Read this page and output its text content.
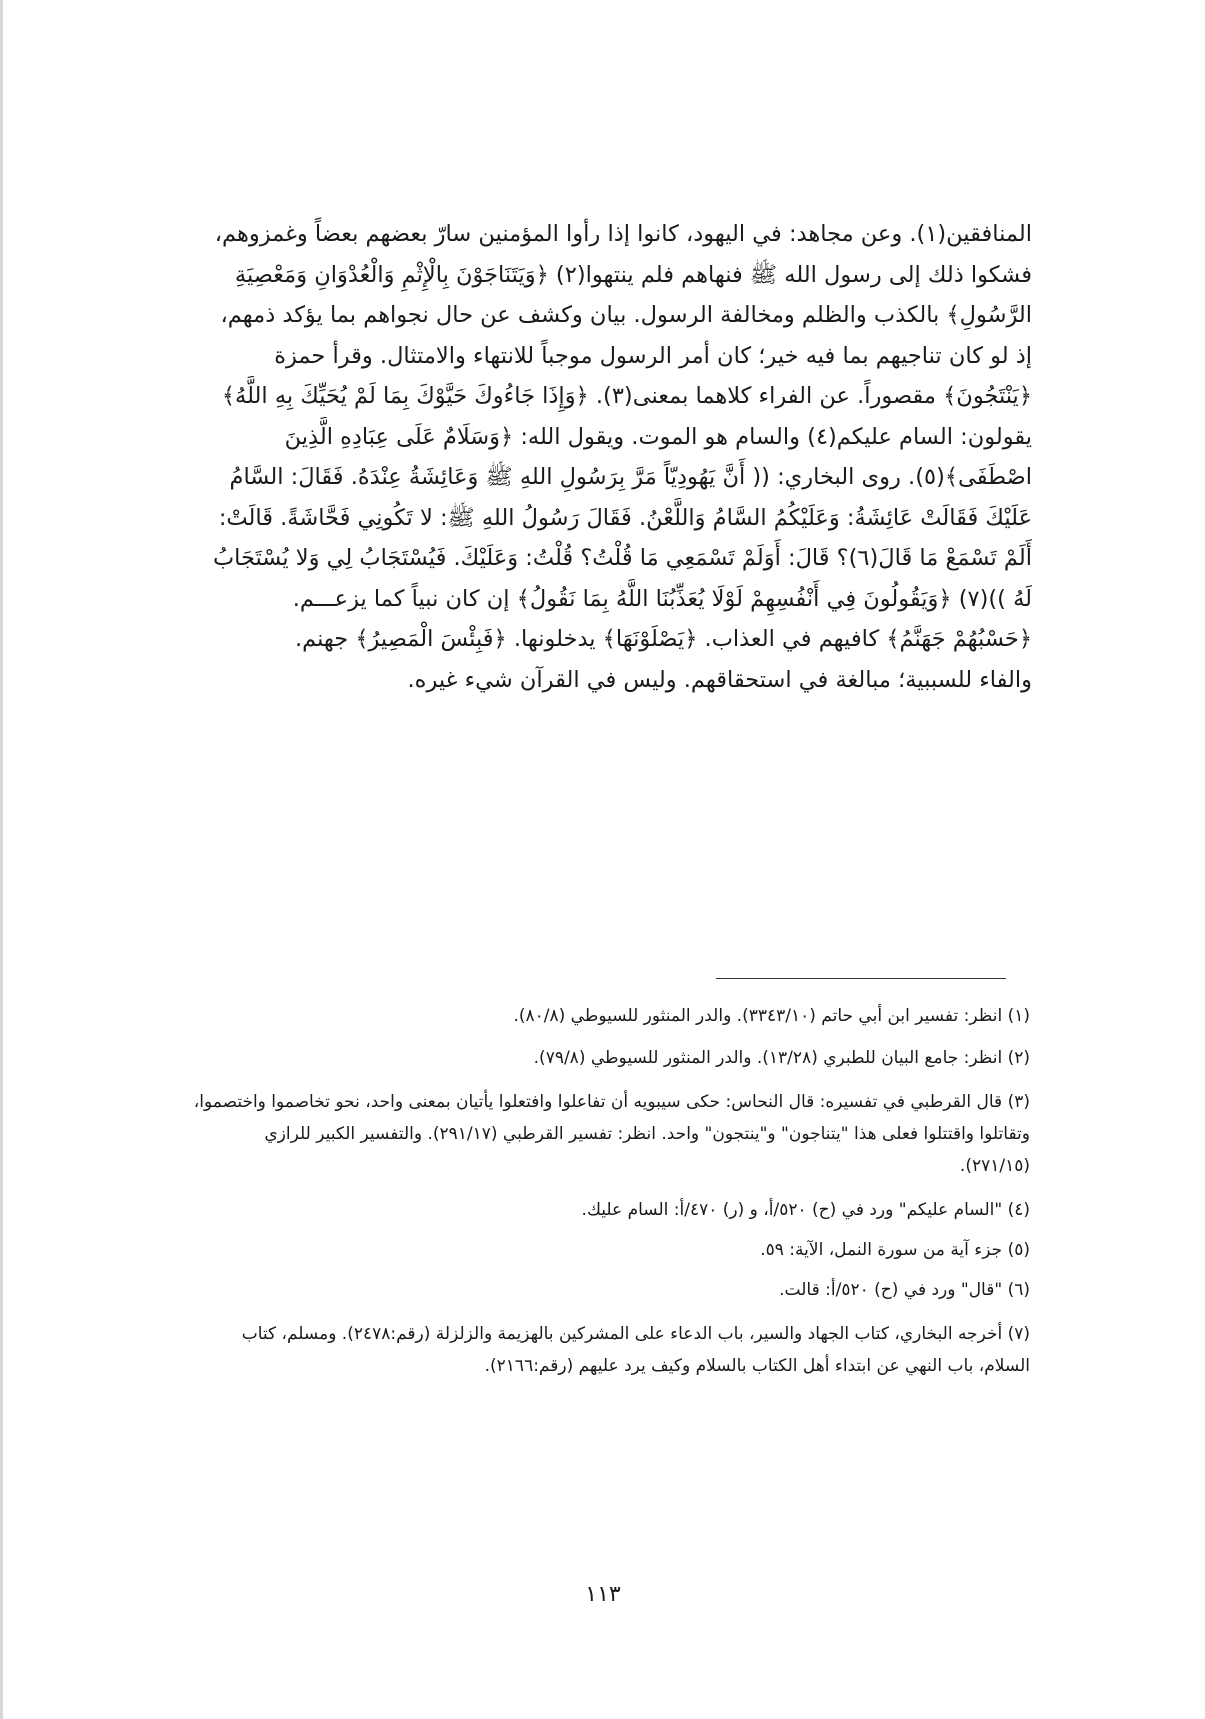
المنافقين(١). وعن مجاهد: في اليهود، كانوا إذا رأوا المؤمنين سارّ بعضهم بعضاً وغمزوهم،
فشكوا ذلك إلى رسول الله ﷺ فنهاهم فلم ينتهوا(٢) ﴿وَيَتَنَاجَوْنَ بِالْإِثْمِ وَالْعُدْوَانِ وَمَعْصِيَةِ
الرَّسُولِ﴾ بالكذب والظلم ومخالفة الرسول. بيان وكشف عن حال نجواهم بما يؤكد ذمهم،
إذ لو كان تناجيهم بما فيه خير؛ كان أمر الرسول موجباً للانتهاء والامتثال. وقرأ حمزة
﴿يَنْتَجُونَ﴾ مقصوراً. عن الفراء كلاهما بمعنى(٣). ﴿وَإِذَا جَاءُوكَ حَيَّوْكَ بِمَا لَمْ يُحَيِّكَ بِهِ اللَّهُ﴾
يقولون: السام عليكم(٤) والسام هو الموت. ويقول الله: ﴿وَسَلَامٌ عَلَى عِبَادِهِ الَّذِينَ
اصْطَفَى﴾(٥). روى البخاري: (( أَنَّ يَهُودِيّاً مَرَّ بِرَسُولِ اللهِ ﷺ وَعَائِشَةُ عِنْدَهُ. فَقَالَ: السَّامُ
عَلَيْكَ فَقَالَتْ عَائِشَةُ: وَعَلَيْكُمُ السَّامُ وَاللَّعْنُ. فَقَالَ رَسُولُ اللهِ ﷺ: لا تَكُونِي فَحَّاشَةً. قَالَتْ:
أَلَمْ تَسْمَعْ مَا قَالَ(٦)؟ قَالَ: أَوَلَمْ تَسْمَعِي مَا قُلْتُ؟ قُلْتُ: وَعَلَيْكَ. فَيُسْتَجَابُ لِي وَلا يُسْتَجَابُ
لَهُ ))(٧) ﴿وَيَقُولُونَ فِي أَنْفُسِهِمْ لَوْلَا يُعَذِّبُنَا اللَّهُ بِمَا نَقُولُ﴾ إن كان نبياً كما يزعـــم.
﴿حَسْبُهُمْ جَهَنَّمُ﴾ كافيهم في العذاب. ﴿يَصْلَوْنَهَا﴾ يدخلونها. ﴿فَبِئْسَ الْمَصِيرُ﴾ جهنم.
والفاء للسببية؛ مبالغة في استحقاقهم. وليس في القرآن شيء غيره.
(١) انظر: تفسير ابن أبي حاتم (٣٣٤٣/١٠). والدر المنثور للسيوطي (٨٠/٨).
(٢) انظر: جامع البيان للطبري (١٣/٢٨). والدر المنثور للسيوطي (٧٩/٨).
(٣) قال القرطبي في تفسيره: قال النحاس: حكى سيبويه أن تفاعلوا وافتعلوا يأتيان بمعنى واحد، نحو تخاصموا واختصموا،
وتقاتلوا واقتتلوا فعلى هذا "يتناجون" و"ينتجون" واحد. انظر: تفسير القرطبي (٢٩١/١٧). والتفسير الكبير للرازي
(٢٧١/١٥).
(٤) "السام عليكم" ورد في (ح) ٥٢٠/أ، و (ر) ٤٧٠/أ: السام عليك.
(٥) جزء آية من سورة النمل، الآية: ٥٩.
(٦) "قال" ورد في (ح) ٥٢٠/أ: قالت.
(٧) أخرجه البخاري، كتاب الجهاد والسير، باب الدعاء على المشركين بالهزيمة والزلزلة (رقم:٢٤٧٨). ومسلم، كتاب
السلام، باب النهي عن ابتداء أهل الكتاب بالسلام وكيف يرد عليهم (رقم:٢١٦٦).
١١٣
